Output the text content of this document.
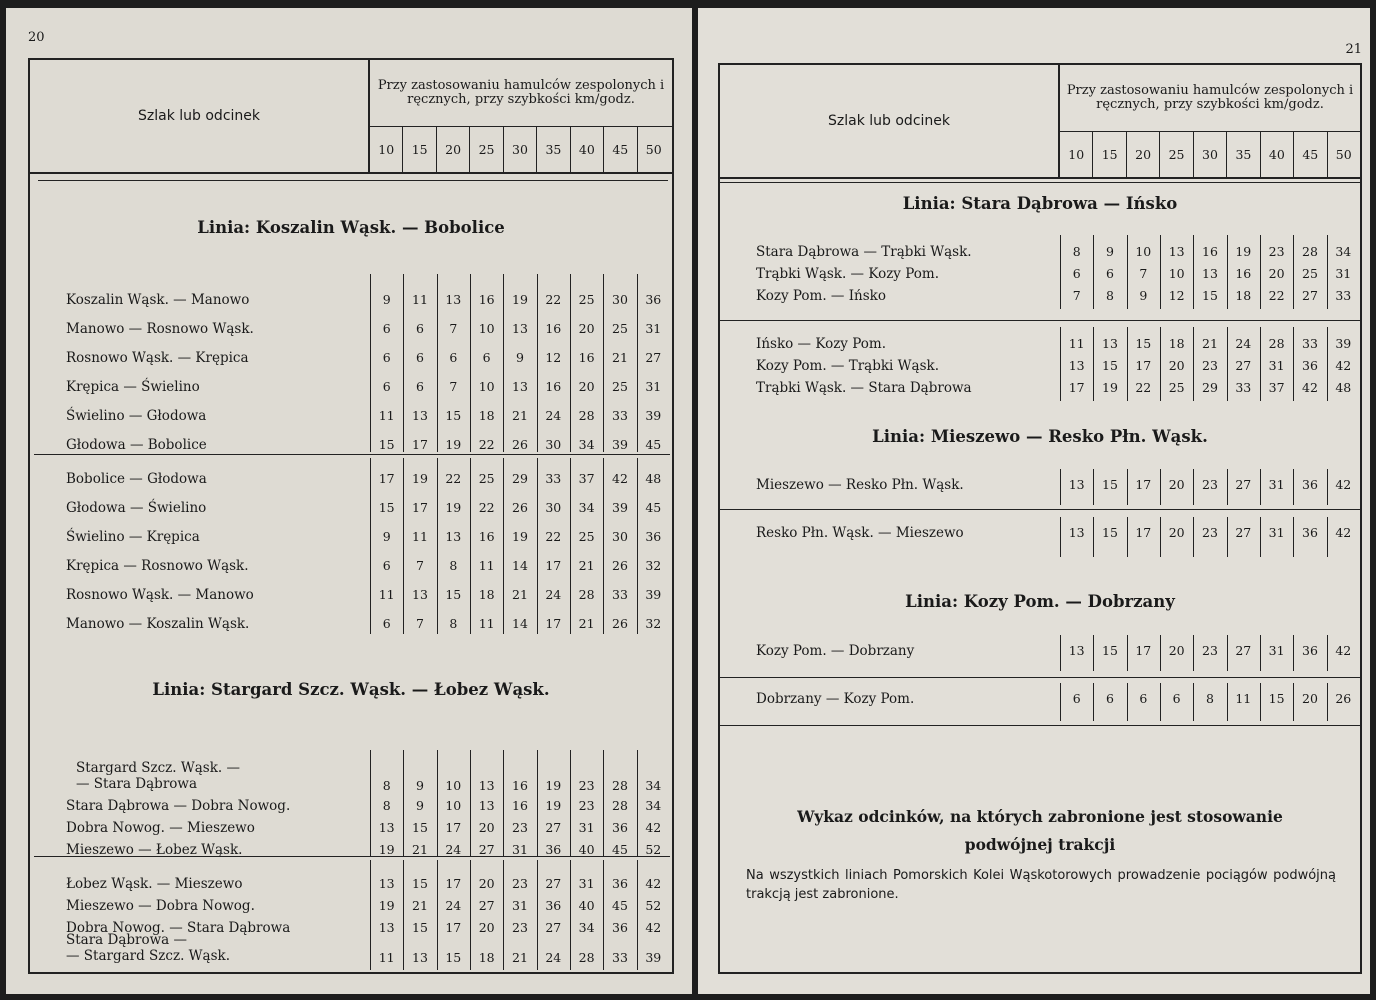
20
Szlak lub odcinek
Przy zastosowaniu hamulców zespolonych i ręcznych, przy szybkości km/godz.
10	15	20	25	30	35	40	45	50
Linia: Koszalin Wąsk. — Bobolice
Linia: Stargard Szcz. Wąsk. — Łobez Wąsk.
Koszalin Wąsk. — Manowo	9	11	13	16	19	22	25	30	36
Manowo — Rosnowo Wąsk.	6	6	7	10	13	16	20	25	31
Rosnowo Wąsk. — Krępica	6	6	6	6	9	12	16	21	27
Krępica — Świelino	6	6	7	10	13	16	20	25	31
Świelino — Głodowa	11	13	15	18	21	24	28	33	39
Głodowa — Bobolice	15	17	19	22	26	30	34	39	45
Bobolice — Głodowa	17	19	22	25	29	33	37	42	48
Głodowa — Świelino	15	17	19	22	26	30	34	39	45
Świelino — Krępica	9	11	13	16	19	22	25	30	36
Krępica — Rosnowo Wąsk.	6	7	8	11	14	17	21	26	32
Rosnowo Wąsk. — Manowo	11	13	15	18	21	24	28	33	39
Manowo — Koszalin Wąsk.	6	7	8	11	14	17	21	26	32
Stargard Szcz. Wąsk. —
— Stara Dąbrowa	8	9	10	13	16	19	23	28	34
Stara Dąbrowa — Dobra Nowog.	8	9	10	13	16	19	23	28	34
Dobra Nowog. — Mieszewo	13	15	17	20	23	27	31	36	42
Mieszewo — Łobez Wąsk.	19	21	24	27	31	36	40	45	52
Łobez Wąsk. — Mieszewo	13	15	17	20	23	27	31	36	42
Mieszewo — Dobra Nowog.	19	21	24	27	31	36	40	45	52
Dobra Nowog. — Stara Dąbrowa	13	15	17	20	23	27	34	36	42
Stara Dąbrowa —
— Stargard Szcz. Wąsk.	11	13	15	18	21	24	28	33	39
21
Szlak lub odcinek
Przy zastosowaniu hamulców zespolonych i ręcznych, przy szybkości km/godz.
10	15	20	25	30	35	40	45	50
Linia: Stara Dąbrowa — Ińsko
Linia: Mieszewo — Resko Płn. Wąsk.
Linia: Kozy Pom. — Dobrzany
Stara Dąbrowa — Trąbki Wąsk.	8	9	10	13	16	19	23	28	34
Trąbki Wąsk. — Kozy Pom.	6	6	7	10	13	16	20	25	31
Kozy Pom. — Ińsko	7	8	9	12	15	18	22	27	33
Ińsko — Kozy Pom.	11	13	15	18	21	24	28	33	39
Kozy Pom. — Trąbki Wąsk.	13	15	17	20	23	27	31	36	42
Trąbki Wąsk. — Stara Dąbrowa	17	19	22	25	29	33	37	42	48
Mieszewo — Resko Płn. Wąsk.	13	15	17	20	23	27	31	36	42
Resko Płn. Wąsk. — Mieszewo	13	15	17	20	23	27	31	36	42
Kozy Pom. — Dobrzany	13	15	17	20	23	27	31	36	42
Dobrzany — Kozy Pom.	6	6	6	6	8	11	15	20	26
Wykaz odcinków, na których zabronione jest stosowanie
podwójnej trakcji
Na wszystkich liniach Pomorskich Kolei Wąskotorowych prowadzenie pociągów podwójną trakcją jest zabronione.
